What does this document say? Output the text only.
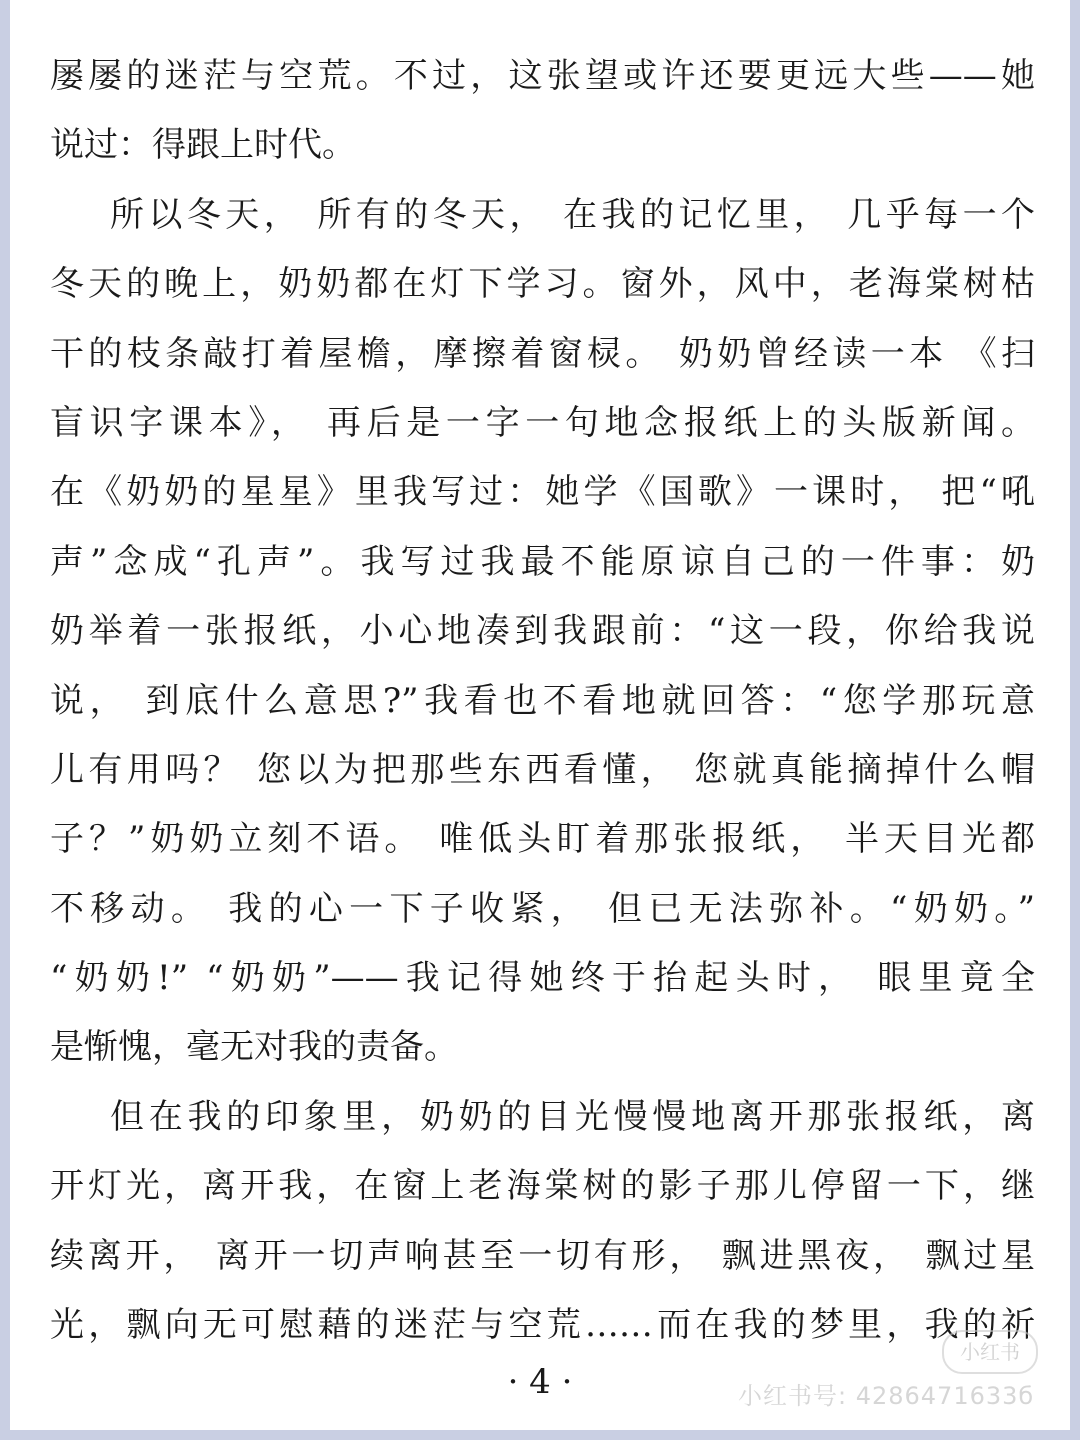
屡屡的迷茫与空荒。不过，这张望或许还要更远大些——她
说过：得跟上时代。
所以冬天， 所有的冬天， 在我的记忆里， 几乎每一个
冬天的晚上，奶奶都在灯下学习。窗外，风中，老海棠树枯
干的枝条敲打着屋檐，摩擦着窗棂。 奶奶曾经读一本 《扫
盲识字课本》， 再后是一字一句地念报纸上的头版新闻。
在《奶奶的星星》里我写过：她学《国歌》一课时， 把“吼
声”念成“孔声”。我写过我最不能原谅自己的一件事：奶
奶举着一张报纸，小心地凑到我跟前：“这一段，你给我说
说， 到底什么意思?”我看也不看地就回答：“您学那玩意
儿有用吗？ 您以为把那些东西看懂， 您就真能摘掉什么帽
子？”奶奶立刻不语。 唯低头盯着那张报纸， 半天目光都
不移动。 我的心一下子收紧， 但已无法弥补。“奶奶。”
“奶奶!” “奶奶”——我记得她终于抬起头时， 眼里竟全
是惭愧，毫无对我的责备。
但在我的印象里，奶奶的目光慢慢地离开那张报纸，离
开灯光，离开我，在窗上老海棠树的影子那儿停留一下，继
续离开， 离开一切声响甚至一切有形， 飘进黑夜， 飘过星
光，飘向无可慰藉的迷茫与空荒……而在我的梦里，我的祈
· 4 ·
小红书
小红书号: 4286471633б
